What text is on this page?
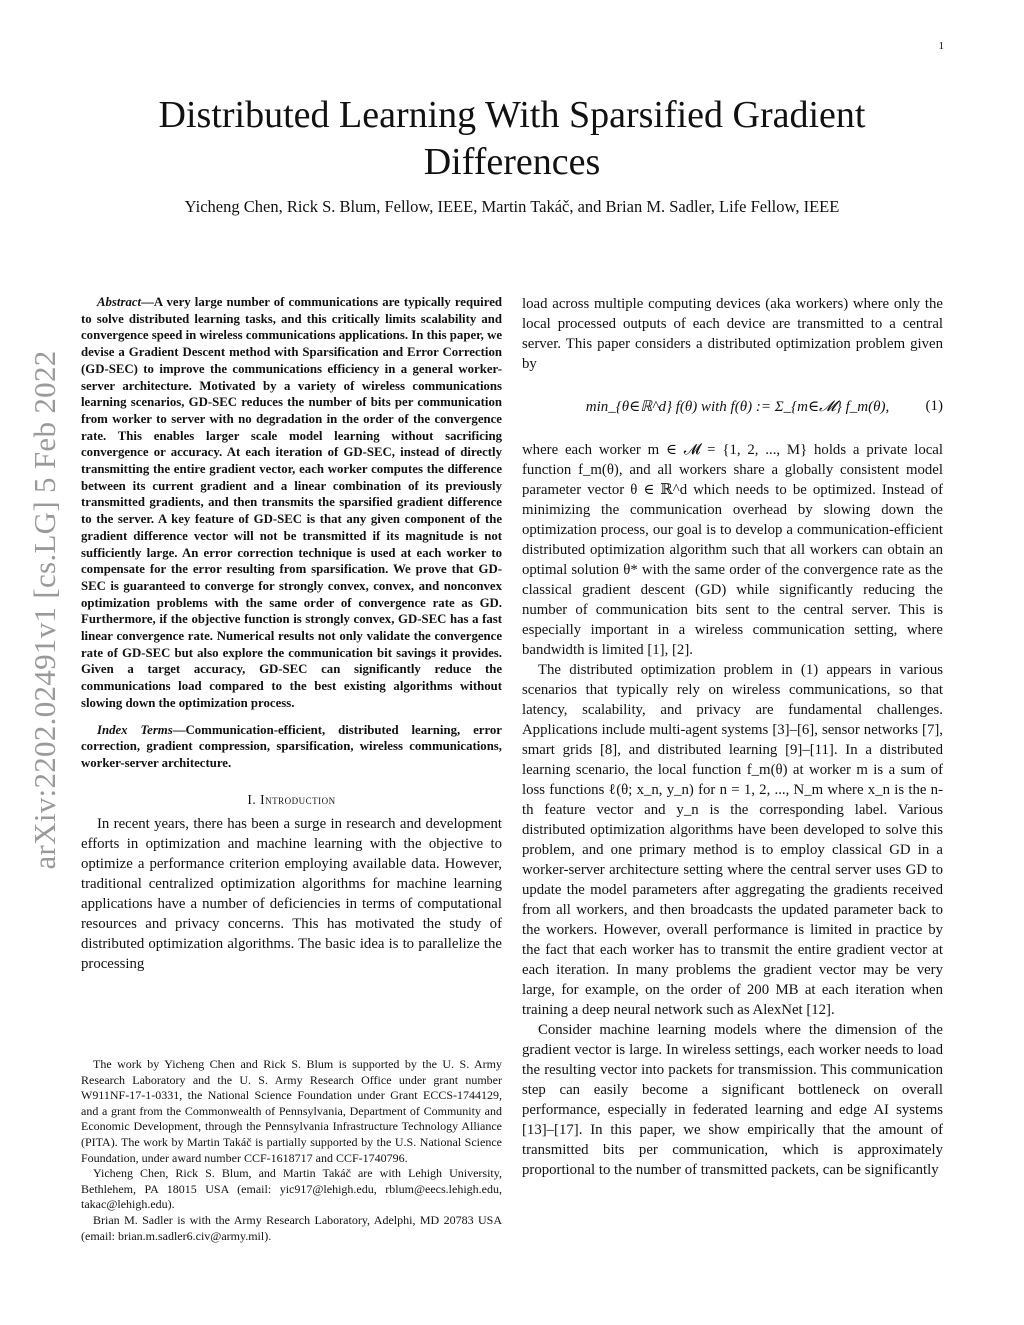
1
arXiv:2202.02491v1 [cs.LG] 5 Feb 2022
Distributed Learning With Sparsified Gradient Differences

Yicheng Chen, Rick S. Blum, Fellow, IEEE, Martin Takáč, and Brian M. Sadler, Life Fellow, IEEE

Abstract—A very large number of communications are typically required to solve distributed learning tasks, and this critically limits scalability and convergence speed in wireless communications applications. In this paper, we devise a Gradient Descent method with Sparsification and Error Correction (GD-SEC) to improve the communications efficiency in a general worker-server architecture. Motivated by a variety of wireless communications learning scenarios, GD-SEC reduces the number of bits per communication from worker to server with no degradation in the order of the convergence rate. This enables larger scale model learning without sacrificing convergence or accuracy. At each iteration of GD-SEC, instead of directly transmitting the entire gradient vector, each worker computes the difference between its current gradient and a linear combination of its previously transmitted gradients, and then transmits the sparsified gradient difference to the server. A key feature of GD-SEC is that any given component of the gradient difference vector will not be transmitted if its magnitude is not sufficiently large. An error correction technique is used at each worker to compensate for the error resulting from sparsification. We prove that GD-SEC is guaranteed to converge for strongly convex, convex, and nonconvex optimization problems with the same order of convergence rate as GD. Furthermore, if the objective function is strongly convex, GD-SEC has a fast linear convergence rate. Numerical results not only validate the convergence rate of GD-SEC but also explore the communication bit savings it provides. Given a target accuracy, GD-SEC can significantly reduce the communications load compared to the best existing algorithms without slowing down the optimization process.

Index Terms—Communication-efficient, distributed learning, error correction, gradient compression, sparsification, wireless communications, worker-server architecture.

I. Introduction

In recent years, there has been a surge in research and development efforts in optimization and machine learning with the objective to optimize a performance criterion employing available data. However, traditional centralized optimization algorithms for machine learning applications have a number of deficiencies in terms of computational resources and privacy concerns. This has motivated the study of distributed optimization algorithms. The basic idea is to parallelize the processing

The work by Yicheng Chen and Rick S. Blum is supported by the U. S. Army Research Laboratory and the U. S. Army Research Office under grant number W911NF-17-1-0331, the National Science Foundation under Grant ECCS-1744129, and a grant from the Commonwealth of Pennsylvania, Department of Community and Economic Development, through the Pennsylvania Infrastructure Technology Alliance (PITA). The work by Martin Takáč is partially supported by the U.S. National Science Foundation, under award number CCF-1618717 and CCF-1740796.

Yicheng Chen, Rick S. Blum, and Martin Takáč are with Lehigh University, Bethlehem, PA 18015 USA (email: yic917@lehigh.edu, rblum@eecs.lehigh.edu, takac@lehigh.edu).

Brian M. Sadler is with the Army Research Laboratory, Adelphi, MD 20783 USA (email: brian.m.sadler6.civ@army.mil).

load across multiple computing devices (aka workers) where only the local processed outputs of each device are transmitted to a central server. This paper considers a distributed optimization problem given by

min_{θ∈ℝ^d} f(θ) with f(θ) := Σ_{m∈𝓜} f_m(θ),	(1)

where each worker m ∈ 𝓜 = {1, 2, ..., M} holds a private local function f_m(θ), and all workers share a globally consistent model parameter vector θ ∈ ℝ^d which needs to be optimized. Instead of minimizing the communication overhead by slowing down the optimization process, our goal is to develop a communication-efficient distributed optimization algorithm such that all workers can obtain an optimal solution θ* with the same order of the convergence rate as the classical gradient descent (GD) while significantly reducing the number of communication bits sent to the central server. This is especially important in a wireless communication setting, where bandwidth is limited [1], [2].

The distributed optimization problem in (1) appears in various scenarios that typically rely on wireless communications, so that latency, scalability, and privacy are fundamental challenges. Applications include multi-agent systems [3]–[6], sensor networks [7], smart grids [8], and distributed learning [9]–[11]. In a distributed learning scenario, the local function f_m(θ) at worker m is a sum of loss functions ℓ(θ; x_n, y_n) for n = 1, 2, ..., N_m where x_n is the n-th feature vector and y_n is the corresponding label. Various distributed optimization algorithms have been developed to solve this problem, and one primary method is to employ classical GD in a worker-server architecture setting where the central server uses GD to update the model parameters after aggregating the gradients received from all workers, and then broadcasts the updated parameter back to the workers. However, overall performance is limited in practice by the fact that each worker has to transmit the entire gradient vector at each iteration. In many problems the gradient vector may be very large, for example, on the order of 200 MB at each iteration when training a deep neural network such as AlexNet [12].

Consider machine learning models where the dimension of the gradient vector is large. In wireless settings, each worker needs to load the resulting vector into packets for transmission. This communication step can easily become a significant bottleneck on overall performance, especially in federated learning and edge AI systems [13]–[17]. In this paper, we show empirically that the amount of transmitted bits per communication, which is approximately proportional to the number of transmitted packets, can be significantly
